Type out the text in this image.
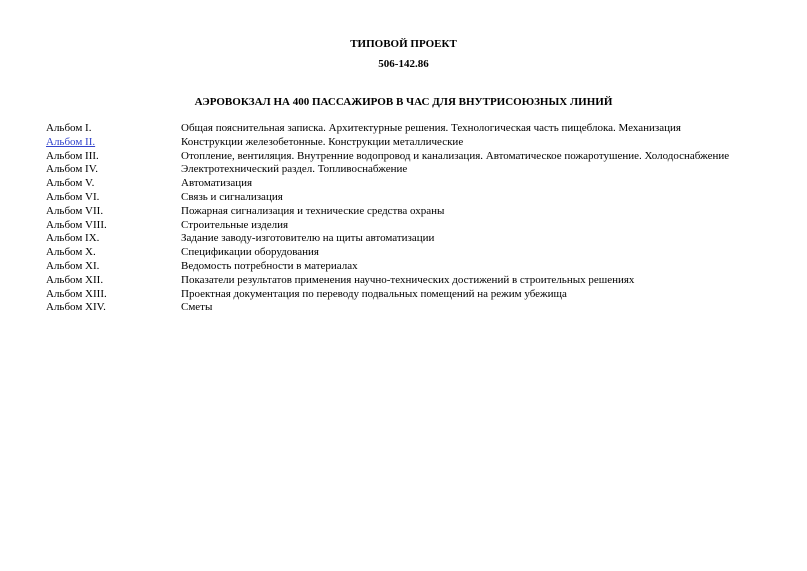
ТИПОВОЙ ПРОЕКТ
506-142.86
АЭРОВОКЗАЛ НА 400 ПАССАЖИРОВ В ЧАС ДЛЯ ВНУТРИСОЮЗНЫХ ЛИНИЙ
Альбом I.	Общая пояснительная записка. Архитектурные решения. Технологическая часть пищеблока. Механизация
Альбом II.	Конструкции железобетонные. Конструкции металлические
Альбом III.	Отопление, вентиляция. Внутренние водопровод и канализация. Автоматическое пожаротушение. Холодоснабжение
Альбом IV.	Электротехнический раздел. Топливоснабжение
Альбом V.	Автоматизация
Альбом VI.	Связь и сигнализация
Альбом VII.	Пожарная сигнализация и технические средства охраны
Альбом VIII.	Строительные изделия
Альбом IX.	Задание заводу-изготовителю на щиты автоматизации
Альбом X.	Спецификации оборудования
Альбом XI.	Ведомость потребности в материалах
Альбом XII.	Показатели результатов применения научно-технических достижений в строительных решениях
Альбом XIII.	Проектная документация по переводу подвальных помещений на режим убежища
Альбом XIV.	Сметы
